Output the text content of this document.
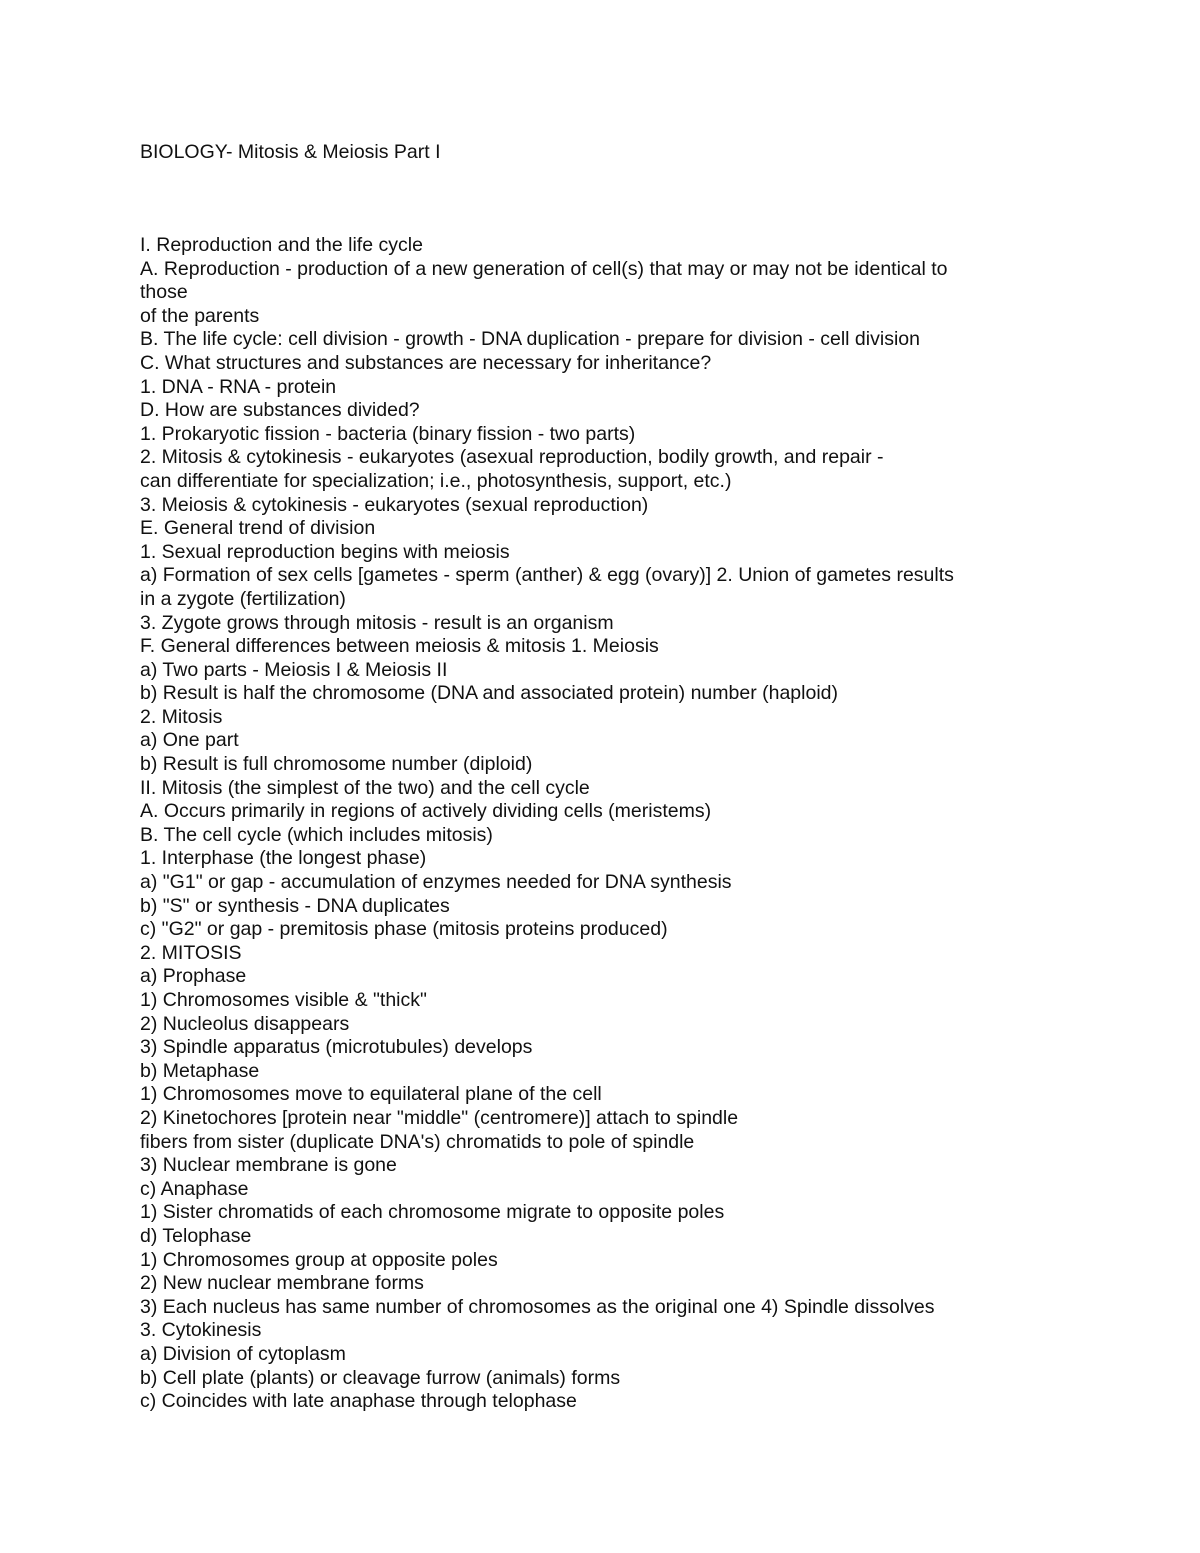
BIOLOGY- Mitosis & Meiosis Part I
I. Reproduction and the life cycle
A. Reproduction - production of a new generation of cell(s) that may or may not be identical to
those
of the parents
B. The life cycle: cell division - growth - DNA duplication - prepare for division - cell division
C. What structures and substances are necessary for inheritance?
1. DNA - RNA - protein
D. How are substances divided?
1. Prokaryotic fission - bacteria (binary fission - two parts)
2. Mitosis & cytokinesis - eukaryotes (asexual reproduction, bodily growth, and repair -
can differentiate for specialization; i.e., photosynthesis, support, etc.)
3. Meiosis & cytokinesis - eukaryotes (sexual reproduction)
E. General trend of division
1. Sexual reproduction begins with meiosis
a) Formation of sex cells [gametes - sperm (anther) & egg (ovary)] 2. Union of gametes results
in a zygote (fertilization)
3. Zygote grows through mitosis - result is an organism
F. General differences between meiosis & mitosis 1. Meiosis
a) Two parts - Meiosis I & Meiosis II
b) Result is half the chromosome (DNA and associated protein) number (haploid)
2. Mitosis
a) One part
b) Result is full chromosome number (diploid)
II. Mitosis (the simplest of the two) and the cell cycle
A. Occurs primarily in regions of actively dividing cells (meristems)
B. The cell cycle (which includes mitosis)
1. Interphase (the longest phase)
a) "G1" or gap - accumulation of enzymes needed for DNA synthesis
b) "S" or synthesis - DNA duplicates
c) "G2" or gap - premitosis phase (mitosis proteins produced)
2. MITOSIS
a) Prophase
1) Chromosomes visible & "thick"
2) Nucleolus disappears
3) Spindle apparatus (microtubules) develops
b) Metaphase
1) Chromosomes move to equilateral plane of the cell
2) Kinetochores [protein near "middle" (centromere)] attach to spindle
fibers from sister (duplicate DNA's) chromatids to pole of spindle
3) Nuclear membrane is gone
c) Anaphase
1) Sister chromatids of each chromosome migrate to opposite poles
d) Telophase
1) Chromosomes group at opposite poles
2) New nuclear membrane forms
3) Each nucleus has same number of chromosomes as the original one 4) Spindle dissolves
3. Cytokinesis
a) Division of cytoplasm
b) Cell plate (plants) or cleavage furrow (animals) forms
c) Coincides with late anaphase through telophase
